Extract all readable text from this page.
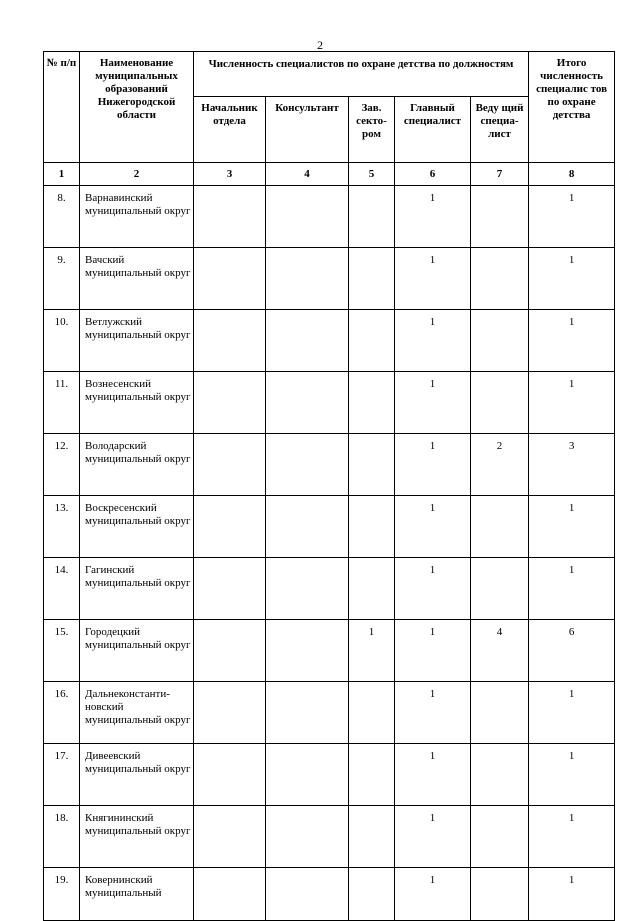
2
№ п/п	Наименование муниципальных образований Нижегородской области	Численность специалистов по охране детства по должностям					Итого численность специалис тов по охране детства
		Начальник отдела	Консультант	Зав. секто- ром	Главный специалист	Веду щий специа- лист	
1	2	3	4	5	6	7	8
8.	Варнавинский муниципальный округ				1		1
9.	Вачский муниципальный округ				1		1
10.	Ветлужский муниципальный округ				1		1
11.	Вознесенский муниципальный округ				1		1
12.	Володарский муниципальный округ				1	2	3
13.	Воскресенский муниципальный округ				1		1
14.	Гагинский муниципальный округ				1		1
15.	Городецкий муниципальный округ			1	1	4	6
16.	Дальнеконстанти- новский муниципальный округ				1		1
17.	Дивеевский муниципальный округ				1		1
18.	Княгининский муниципальный округ				1		1
19.	Ковернинский муниципальный				1		1
